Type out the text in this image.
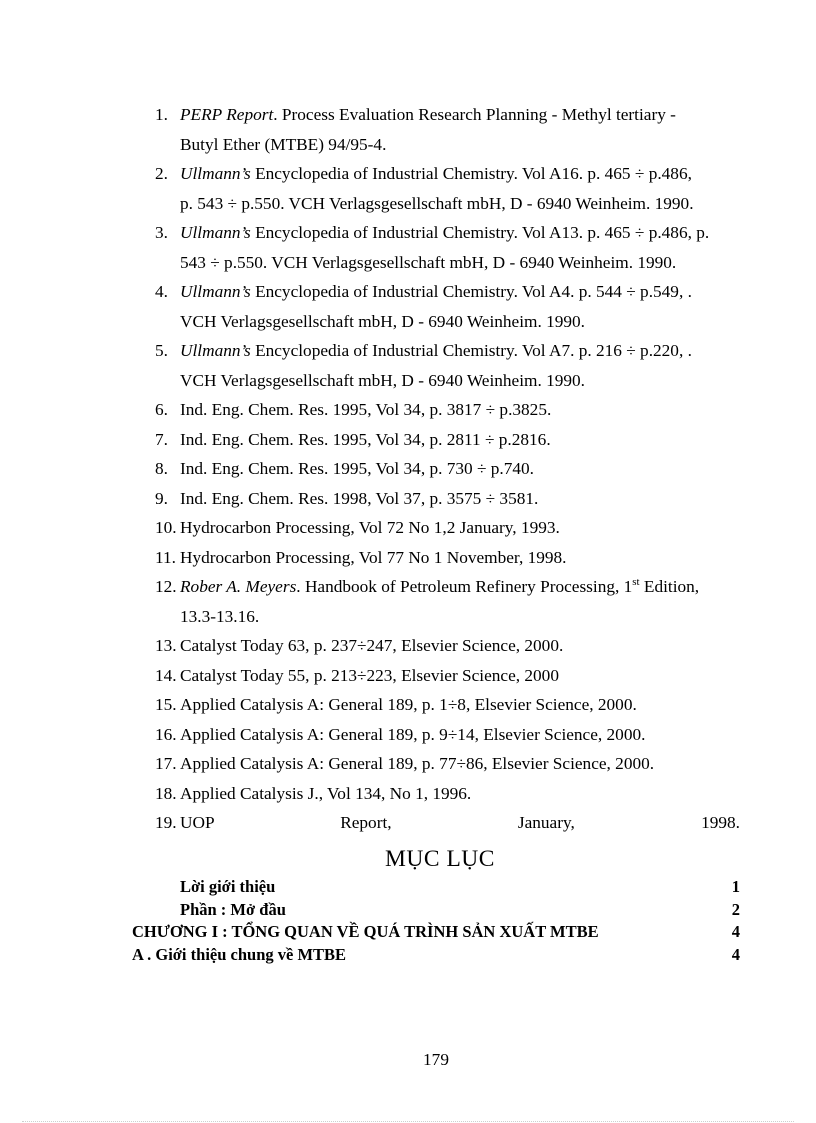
1. PERP Report. Process Evaluation Research Planning - Methyl tertiary -
Butyl Ether (MTBE) 94/95-4.
2. Ullmann’s Encyclopedia of Industrial Chemistry. Vol A16. p. 465 ÷ p.486,
p. 543 ÷ p.550. VCH Verlagsgesellschaft mbH, D - 6940 Weinheim. 1990.
3. Ullmann’s Encyclopedia of Industrial Chemistry. Vol A13. p. 465 ÷ p.486, p.
543 ÷ p.550. VCH Verlagsgesellschaft mbH, D - 6940 Weinheim. 1990.
4. Ullmann’s Encyclopedia of Industrial Chemistry. Vol A4. p. 544 ÷ p.549, .
VCH Verlagsgesellschaft mbH, D - 6940 Weinheim. 1990.
5. Ullmann’s Encyclopedia of Industrial Chemistry. Vol A7. p. 216 ÷ p.220, .
VCH Verlagsgesellschaft mbH, D - 6940 Weinheim. 1990.
6. Ind. Eng. Chem. Res. 1995, Vol 34, p. 3817 ÷ p.3825.
7. Ind. Eng. Chem. Res. 1995, Vol 34, p. 2811 ÷ p.2816.
8. Ind. Eng. Chem. Res. 1995, Vol 34, p. 730 ÷ p.740.
9. Ind. Eng. Chem. Res. 1998, Vol 37, p. 3575 ÷ 3581.
10. Hydrocarbon Processing, Vol 72 No 1,2 January, 1993.
11. Hydrocarbon Processing, Vol 77 No 1 November, 1998.
12. Rober A. Meyers. Handbook of Petroleum Refinery Processing, 1st Edition,
13.3-13.16.
13. Catalyst Today 63, p. 237÷247, Elsevier Science, 2000.
14. Catalyst Today 55, p. 213÷223, Elsevier Science, 2000
15. Applied Catalysis A: General 189, p. 1÷8, Elsevier Science, 2000.
16. Applied Catalysis A: General 189, p. 9÷14, Elsevier Science, 2000.
17. Applied Catalysis A: General 189, p. 77÷86, Elsevier Science, 2000.
18. Applied Catalysis J., Vol 134, No 1, 1996.
19. UOP Report, January, 1998.
MỤC LỤC
Lời giới thiệu	1
Phần : Mở đầu	2
CHƯƠNG I : TỔNG QUAN VỀ QUÁ TRÌNH SẢN XUẤT MTBE	4
A . Giới thiệu chung về MTBE	4
179
